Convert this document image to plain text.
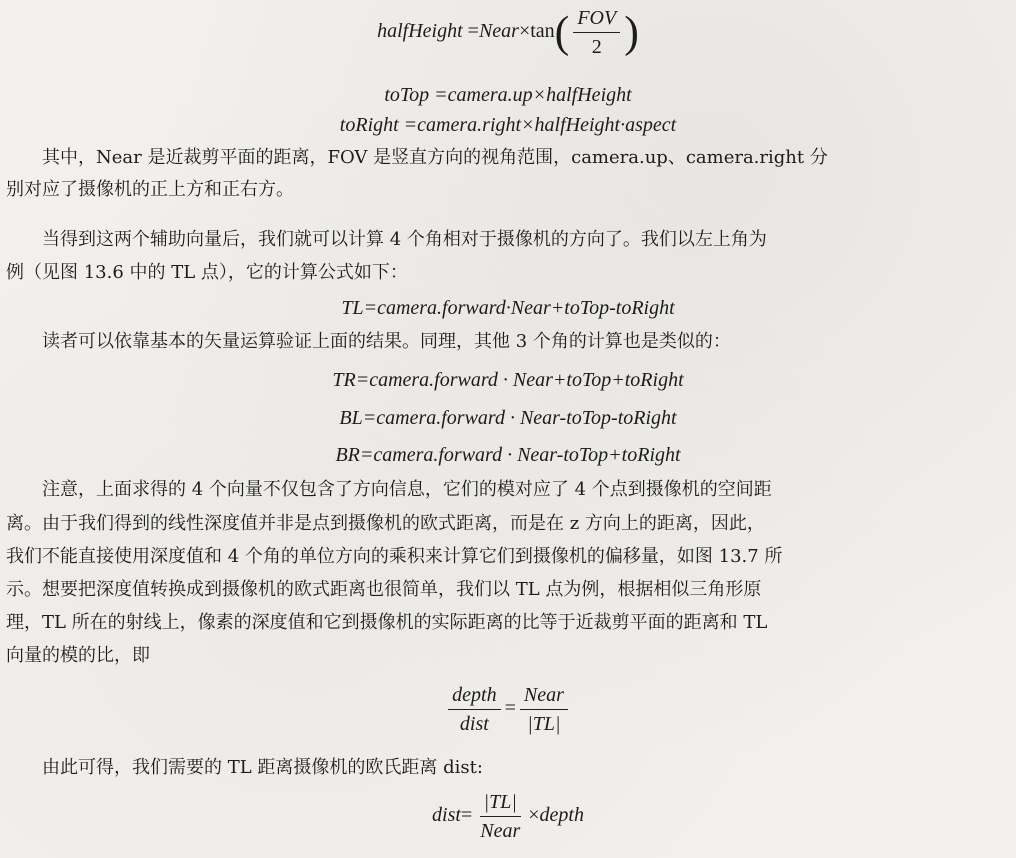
halfHeight =Near×tan( $\frac{\text{FOV}}{2}$ )
toTop =camera.up×halfHeight
toRight =camera.right×halfHeight·aspect
其中，Near 是近裁剪平面的距离，FOV 是竖直方向的视角范围，camera.up、camera.right 分
别对应了摄像机的正上方和正右方。
当得到这两个辅助向量后，我们就可以计算 4 个角相对于摄像机的方向了。我们以左上角为
例（见图 13.6 中的 TL 点），它的计算公式如下：
TL=camera.forward·Near+toTop-toRight
读者可以依靠基本的矢量运算验证上面的结果。同理，其他 3 个角的计算也是类似的：
TR=camera.forward · Near+toTop+toRight
BL=camera.forward · Near-toTop-toRight
BR=camera.forward · Near-toTop+toRight
注意，上面求得的 4 个向量不仅包含了方向信息，它们的模对应了 4 个点到摄像机的空间距
离。由于我们得到的线性深度值并非是点到摄像机的欧式距离，而是在 z 方向上的距离，因此，
我们不能直接使用深度值和 4 个角的单位方向的乘积来计算它们到摄像机的偏移量，如图 13.7 所
示。想要把深度值转换成到摄像机的欧式距离也很简单，我们以 TL 点为例，根据相似三角形原
理，TL 所在的射线上，像素的深度值和它到摄像机的实际距离的比等于近裁剪平面的距离和 TL
向量的模的比，即
$\frac{\text{depth}}{\text{dist}} = \frac{\text{Near}}{|TL|}$
由此可得，我们需要的 TL 距离摄像机的欧氏距离 dist:
dist= $\frac{|TL|}{\text{Near}}$ ×depth
